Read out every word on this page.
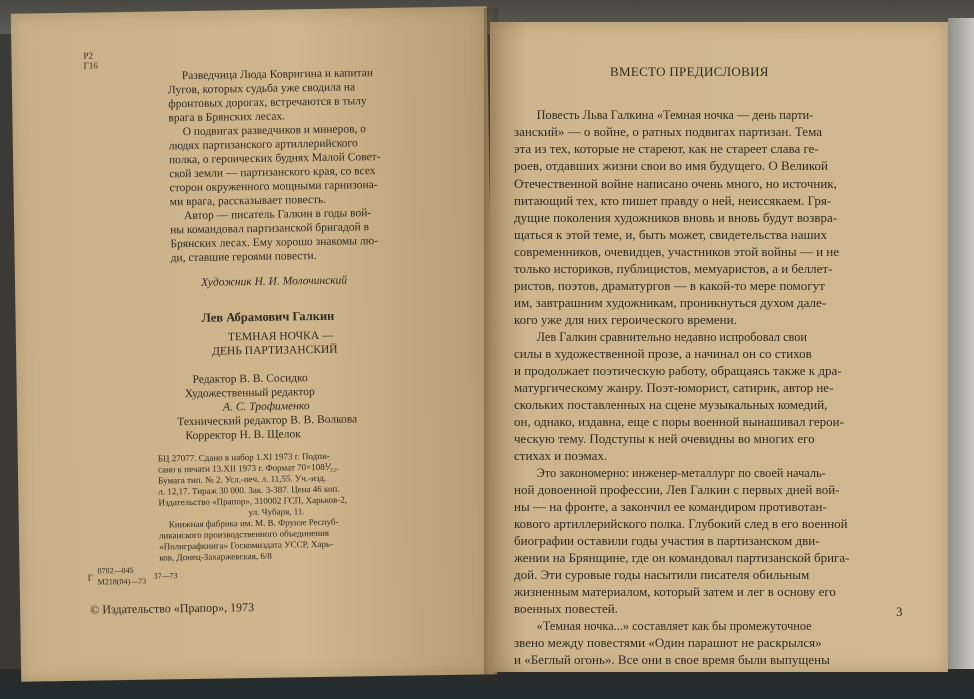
Р2
Г16
Разведчица Люда Ковригина и капитан
Лугов, которых судьба уже сводила на
фронтовых дорогах, встречаются в тылу
врага в Брянских лесах.
О подвигах разведчиков и минеров, о
людях партизанского артиллерийского
полка, о героических буднях Малой Совет-
ской земли — партизанского края, со всех
сторон окруженного мощными гарнизона-
ми врага, рассказывает повесть.
Автор — писатель Галкин в годы вой-
ны командовал партизанской бригадой в
Брянских лесах. Ему хорошо знакомы лю-
ди, ставшие героями повести.
Художник Н. И. Молочинский
Лев Абрамович Галкин
ТЕМНАЯ НОЧКА —
ДЕНЬ ПАРТИЗАНСКИЙ
Редактор В. В. Сосидко
Художественный редактор
А. С. Трофименко
Технический редактор В. В. Волкова
Корректор Н. В. Щелок
БЦ 27077. Сдано в набор 1.XI 1973 г. Подпи-
сано к печати 13.XII 1973 г. Формат 70×108⅟₃₂.
Бумага тип. № 2. Усл.-печ. л. 11,55. Уч.-изд.
л. 12,17. Тираж 30 000. Зак. 3-387. Цена 46 коп.
Издательство «Прапор», 310002 ГСП, Харьков-2,
ул. Чубаря, 11.
Книжная фабрика им. М. В. Фрунзе Респуб-
ликанского производственного объединения
«Полиграфкнига» Госкомиздата УССР, Харь-
ков, Донец-Захаржевская, 6/8
Г
0702—045
М218(04)—73
37—73
© Издательство «Прапор», 1973
ВМЕСТО ПРЕДИСЛОВИЯ
Повесть Льва Галкина «Темная ночка — день парти-
занский» — о войне, о ратных подвигах партизан. Тема
эта из тех, которые не стареют, как не стареет слава ге-
роев, отдавших жизни свои во имя будущего. О Великой
Отечественной войне написано очень много, но источник,
питающий тех, кто пишет правду о ней, неиссякаем. Гря-
дущие поколения художников вновь и вновь будут возвра-
щаться к этой теме, и, быть может, свидетельства наших
современников, очевидцев, участников этой войны — и не
только историков, публицистов, мемуаристов, а и беллет-
ристов, поэтов, драматургов — в какой-то мере помогут
им, завтрашним художникам, проникнуться духом дале-
кого уже для них героического времени.
Лев Галкин сравнительно недавно испробовал свои
силы в художественной прозе, а начинал он со стихов
и продолжает поэтическую работу, обращаясь также к дра-
матургическому жанру. Поэт-юморист, сатирик, автор не-
скольких поставленных на сцене музыкальных комедий,
он, однако, издавна, еще с поры военной вынашивал герои-
ческую тему. Подступы к ней очевидны во многих его
стихах и поэмах.
Это закономерно: инженер-металлург по своей началь-
ной довоенной профессии, Лев Галкин с первых дней вой-
ны — на фронте, а закончил ее командиром противотан-
кового артиллерийского полка. Глубокий след в его военной
биографии оставили годы участия в партизанском дви-
жении на Брянщине, где он командовал партизанской брига-
дой. Эти суровые годы насытили писателя обильным
жизненным материалом, который затем и лег в основу его
военных повестей.
«Темная ночка...» составляет как бы промежуточное
звено между повестями «Один парашют не раскрылся»
и «Беглый огонь». Все они в свое время были выпущены
3
